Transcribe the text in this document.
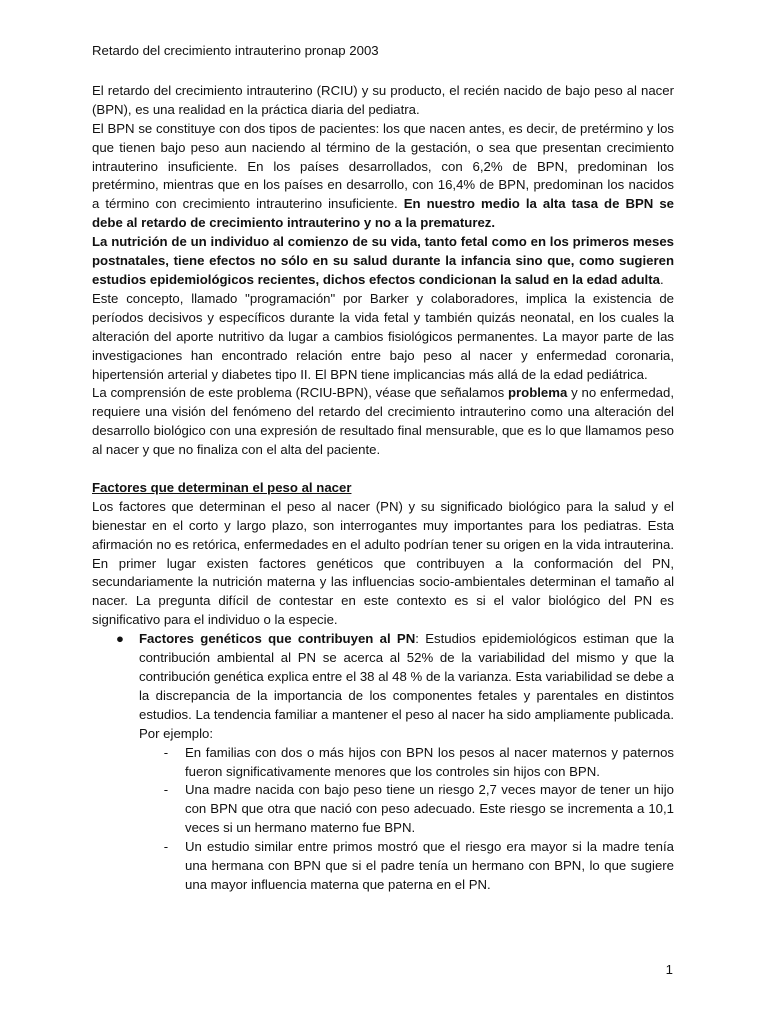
Retardo del crecimiento intrauterino pronap 2003

El retardo del crecimiento intrauterino (RCIU) y su producto, el recién nacido de bajo peso al nacer (BPN), es una realidad en la práctica diaria del pediatra.

El BPN se constituye con dos tipos de pacientes: los que nacen antes, es decir, de pretérmino y los que tienen bajo peso aun naciendo al término de la gestación, o sea que presentan crecimiento intrauterino insuficiente. En los países desarrollados, con 6,2% de BPN, predominan los pretérmino, mientras que en los países en desarrollo, con 16,4% de BPN, predominan los nacidos a término con crecimiento intrauterino insuficiente. En nuestro medio la alta tasa de BPN se debe al retardo de crecimiento intrauterino y no a la prematurez.

La nutrición de un individuo al comienzo de su vida, tanto fetal como en los primeros meses postnatales, tiene efectos no sólo en su salud durante la infancia sino que, como sugieren estudios epidemiológicos recientes, dichos efectos condicionan la salud en la edad adulta.

Este concepto, llamado "programación" por Barker y colaboradores, implica la existencia de períodos decisivos y específicos durante la vida fetal y también quizás neonatal, en los cuales la alteración del aporte nutritivo da lugar a cambios fisiológicos permanentes. La mayor parte de las investigaciones han encontrado relación entre bajo peso al nacer y enfermedad coronaria, hipertensión arterial y diabetes tipo II. El BPN tiene implicancias más allá de la edad pediátrica.

La comprensión de este problema (RCIU-BPN), véase que señalamos problema y no enfermedad, requiere una visión del fenómeno del retardo del crecimiento intrauterino como una alteración del desarrollo biológico con una expresión de resultado final mensurable, que es lo que llamamos peso al nacer y que no finaliza con el alta del paciente.

Factores que determinan el peso al nacer

Los factores que determinan el peso al nacer (PN) y su significado biológico para la salud y el bienestar en el corto y largo plazo, son interrogantes muy importantes para los pediatras. Esta afirmación no es retórica, enfermedades en el adulto podrían tener su origen en la vida intrauterina. En primer lugar existen factores genéticos que contribuyen a la conformación del PN, secundariamente la nutrición materna y las influencias socio-ambientales determinan el tamaño al nacer. La pregunta difícil de contestar en este contexto es si el valor biológico del PN es significativo para el individuo o la especie.

● Factores genéticos que contribuyen al PN: Estudios epidemiológicos estiman que la contribución ambiental al PN se acerca al 52% de la variabilidad del mismo y que la contribución genética explica entre el 38 al 48 % de la varianza. Esta variabilidad se debe a la discrepancia de la importancia de los componentes fetales y parentales en distintos estudios. La tendencia familiar a mantener el peso al nacer ha sido ampliamente publicada. Por ejemplo:
- En familias con dos o más hijos con BPN los pesos al nacer maternos y paternos fueron significativamente menores que los controles sin hijos con BPN.
- Una madre nacida con bajo peso tiene un riesgo 2,7 veces mayor de tener un hijo con BPN que otra que nació con peso adecuado. Este riesgo se incrementa a 10,1 veces si un hermano materno fue BPN.
- Un estudio similar entre primos mostró que el riesgo era mayor si la madre tenía una hermana con BPN que si el padre tenía un hermano con BPN, lo que sugiere una mayor influencia materna que paterna en el PN.
1
